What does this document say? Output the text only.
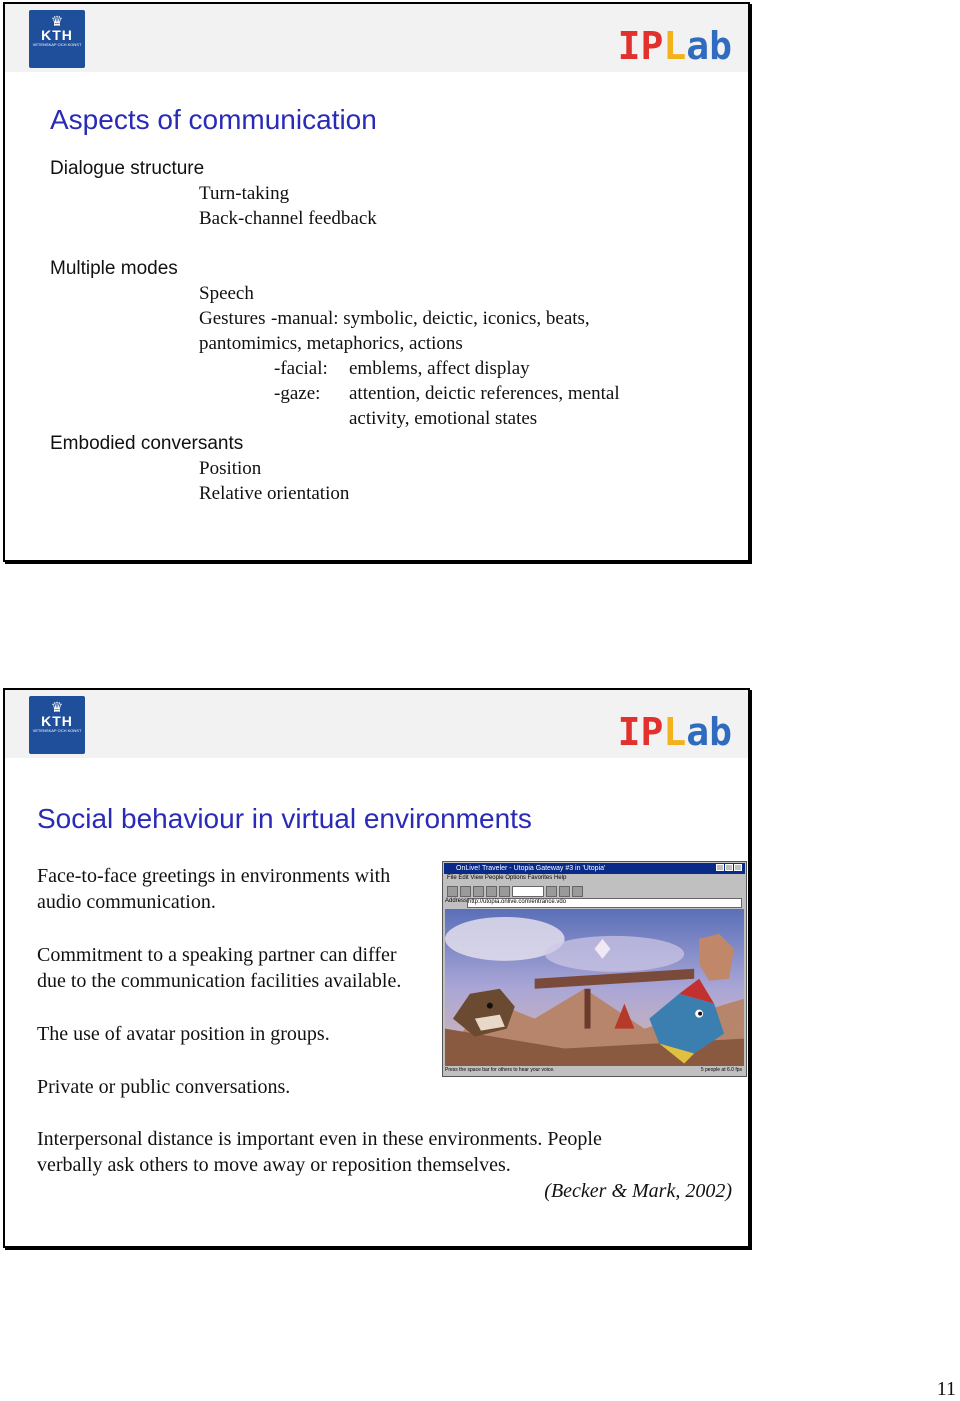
♛
KTH
VETENSKAP OCH KONST	IPLab
Aspects of communication
Dialogue structure
Turn-taking
Back-channel feedback
Multiple modes
Speech
Gestures -manual: symbolic, deictic, iconics, beats,
pantomimics, metaphorics, actions
-facial: emblems, affect display
-gaze: attention, deictic references, mental
activity, emotional states
Embodied conversants
Position
Relative orientation
♛
KTH
VETENSKAP OCH KONST	IPLab
Social behaviour in virtual environments
Face-to-face greetings in environments with
audio communication.
Commitment to a speaking partner can differ
due to the communication facilities available.
The use of avatar position in groups.
Private or public conversations.
Interpersonal distance is important even in these environments. People
verbally ask others to move away or reposition themselves.
(Becker & Mark, 2002)
OnLive! Traveler - Utopia Gateway #3 in 'Utopia'
File Edit View People Options Favorites Help
Address http://utopia.onlive.com/entrance.vdo
Press the space bar for others to hear your voice.	5 people at 6.0 fps
11
